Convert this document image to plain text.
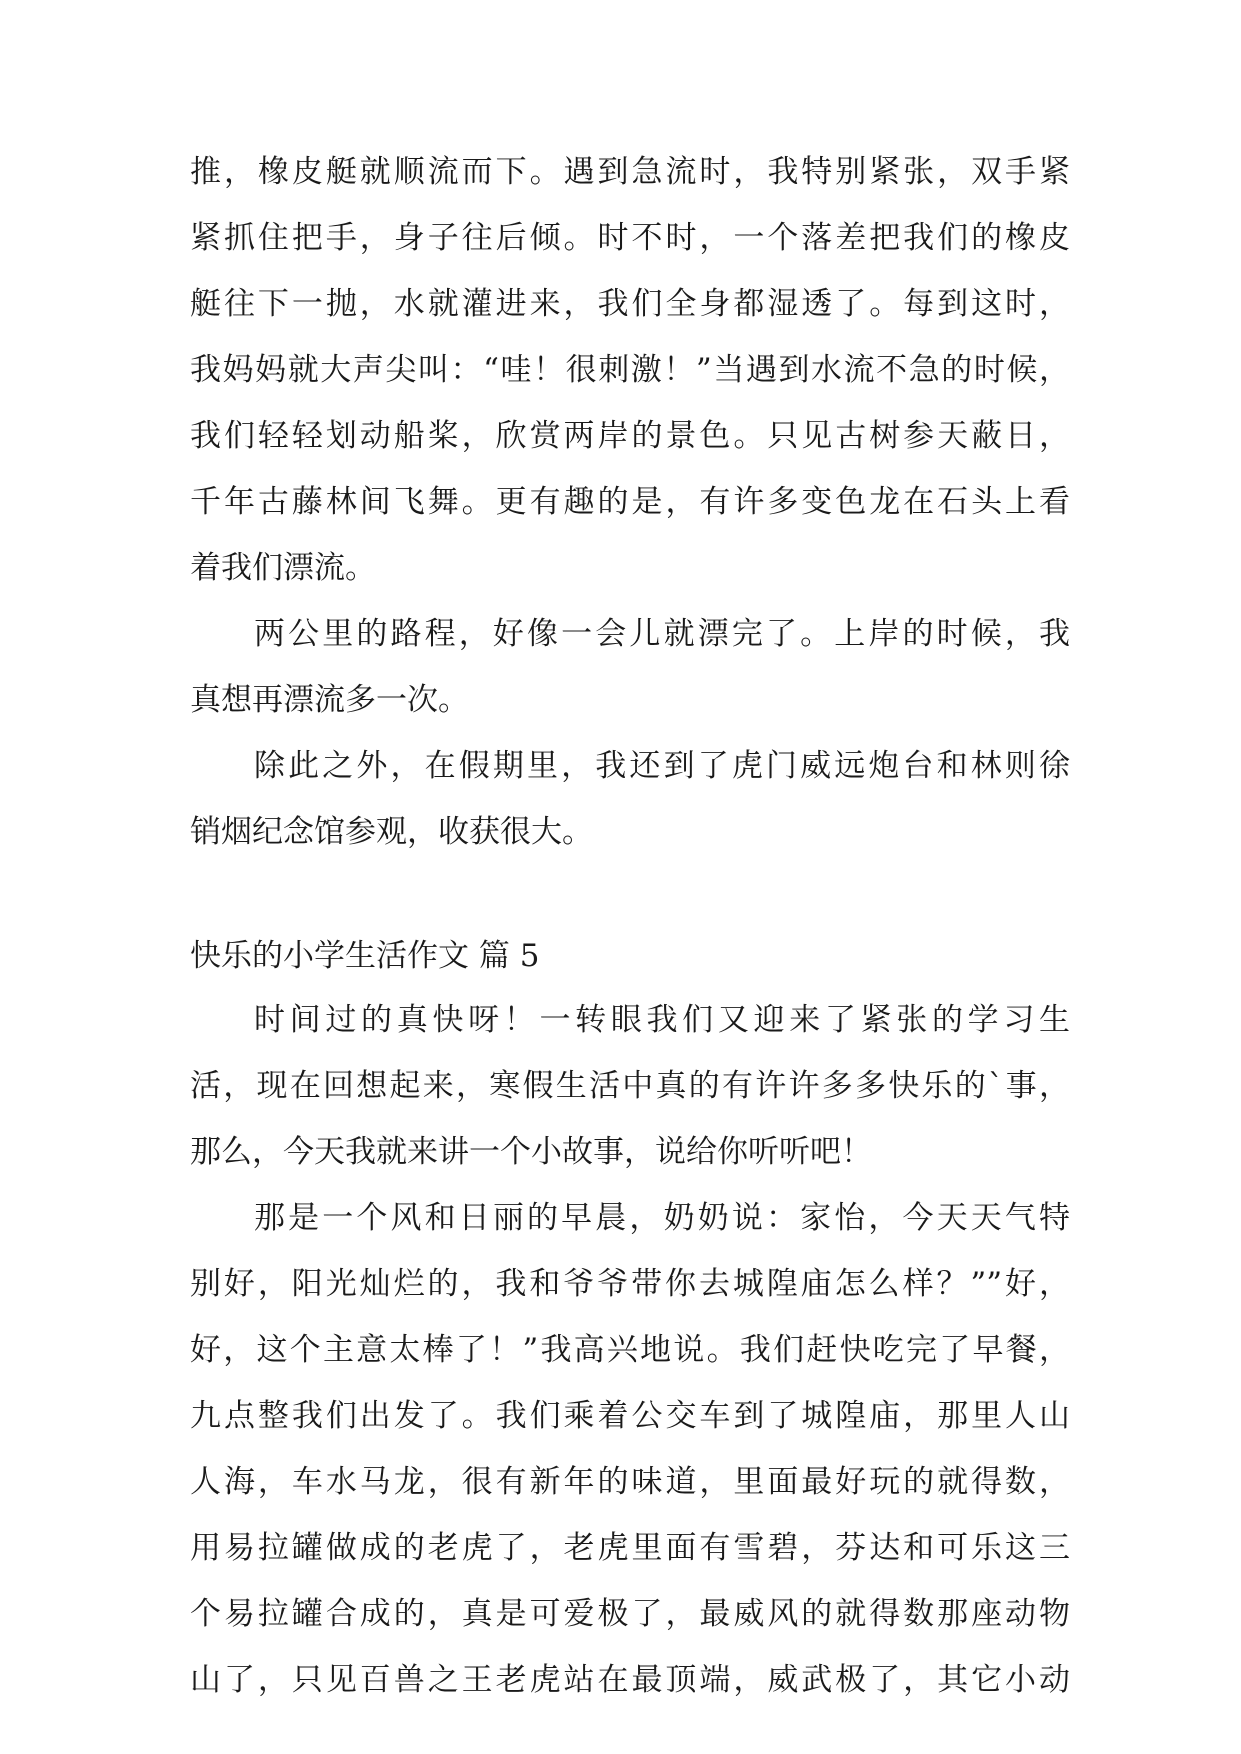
推，橡皮艇就顺流而下。遇到急流时，我特别紧张，双手紧
紧抓住把手，身子往后倾。时不时，一个落差把我们的橡皮
艇往下一抛，水就灌进来，我们全身都湿透了。每到这时，
我妈妈就大声尖叫：“哇！很刺激！”当遇到水流不急的时候，
我们轻轻划动船桨，欣赏两岸的景色。只见古树参天蔽日，
千年古藤林间飞舞。更有趣的是，有许多变色龙在石头上看
着我们漂流。
两公里的路程，好像一会儿就漂完了。上岸的时候，我
真想再漂流多一次。
除此之外，在假期里，我还到了虎门威远炮台和林则徐
销烟纪念馆参观，收获很大。
快乐的小学生活作文 篇 5
时间过的真快呀！一转眼我们又迎来了紧张的学习生
活，现在回想起来，寒假生活中真的有许许多多快乐的`事，
那么，今天我就来讲一个小故事，说给你听听吧！
那是一个风和日丽的早晨，奶奶说：家怡，今天天气特
别好，阳光灿烂的，我和爷爷带你去城隍庙怎么样？””好，
好，这个主意太棒了！”我高兴地说。我们赶快吃完了早餐，
九点整我们出发了。我们乘着公交车到了城隍庙，那里人山
人海，车水马龙，很有新年的味道，里面最好玩的就得数，
用易拉罐做成的老虎了，老虎里面有雪碧，芬达和可乐这三
个易拉罐合成的，真是可爱极了，最威风的就得数那座动物
山了，只见百兽之王老虎站在最顶端，威武极了，其它小动
